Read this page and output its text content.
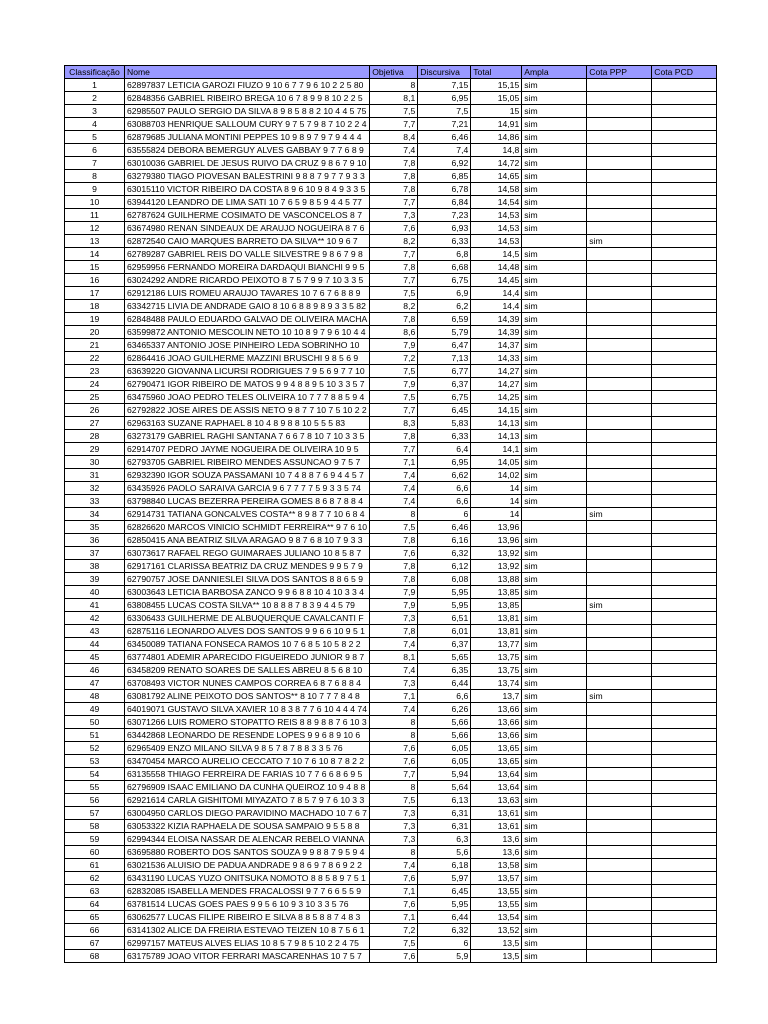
Classificação	Nome	Objetiva	Discursiva	Total	Ampla	Cota PPP	Cota PCD
1	62897837 LETICIA GAROZI FIUZO 9 10 6 7 7 9 6 10 2 2 5 80	8	7,15	15,15	sim		
2	62848356 GABRIEL RIBEIRO BREGA 10 6 7 8 9 9 8 10 2 2 5	8,1	6,95	15,05	sim		
3	62985507 PAULO SERGIO DA SILVA 8 9 8 5 8 8 2 10 4 4 5 75	7,5	7,5	15	sim		
4	63088703 HENRIQUE SALLOUM CURY 9 7 5 7 9 8 7 10 2 2 4	7,7	7,21	14,91	sim		
5	62879685 JULIANA MONTINI PEPPES 10 9 8 9 7 9 7 9 4 4 4	8,4	6,46	14,86	sim		
6	63555824 DEBORA BEMERGUY ALVES GABBAY 9 7 7 6 8 9	7,4	7,4	14,8	sim		
7	63010036 GABRIEL DE JESUS RUIVO DA CRUZ 9 8 6 7 9 10	7,8	6,92	14,72	sim		
8	63279380 TIAGO PIOVESAN BALESTRINI 9 8 8 7 9 7 7 9 3 3	7,8	6,85	14,65	sim		
9	63015110 VICTOR RIBEIRO DA COSTA 8 9 6 10 9 8 4 9 3 3 5	7,8	6,78	14,58	sim		
10	63944120 LEANDRO DE LIMA SATI 10 7 6 5 9 8 5 9 4 4 5 77	7,7	6,84	14,54	sim		
11	62787624 GUILHERME COSIMATO DE VASCONCELOS 8 7	7,3	7,23	14,53	sim		
12	63674980 RENAN SINDEAUX DE ARAUJO NOGUEIRA 8 7 6	7,6	6,93	14,53	sim		
13	62872540 CAIO MARQUES BARRETO DA SILVA** 10 9 6 7	8,2	6,33	14,53		sim	
14	62789287 GABRIEL REIS DO VALLE SILVESTRE 9 8 6 7 9 8	7,7	6,8	14,5	sim		
15	62959956 FERNANDO MOREIRA DARDAQUI BIANCHI 9 9 5	7,8	6,68	14,48	sim		
16	63024292 ANDRE RICARDO PEIXOTO 8 7 5 7 9 9 7 10 3 3 5	7,7	6,75	14,45	sim		
17	62912186 LUIS ROMEU ARAUJO TAVARES 10 7 6 7 6 8 8 9	7,5	6,9	14,4	sim		
18	63342715 LIVIA DE ANDRADE GAIO 8 10 6 8 8 9 8 9 3 3 5 82	8,2	6,2	14,4	sim		
19	62848488 PAULO EDUARDO GALVAO DE OLIVEIRA MACHA	7,8	6,59	14,39	sim		
20	63599872 ANTONIO MESCOLIN NETO 10 10 8 9 7 9 6 10 4 4	8,6	5,79	14,39	sim		
21	63465337 ANTONIO JOSE PINHEIRO LEDA SOBRINHO 10	7,9	6,47	14,37	sim		
22	62864416 JOAO GUILHERME MAZZINI BRUSCHI 9 8 5 6 9	7,2	7,13	14,33	sim		
23	63639220 GIOVANNA LICURSI RODRIGUES 7 9 5 6 9 7 7 10	7,5	6,77	14,27	sim		
24	62790471 IGOR RIBEIRO DE MATOS 9 9 4 8 8 9 5 10 3 3 5 7	7,9	6,37	14,27	sim		
25	63475960 JOAO PEDRO TELES OLIVEIRA 10 7 7 7 8 8 5 9 4	7,5	6,75	14,25	sim		
26	62792822 JOSE AIRES DE ASSIS NETO 9 8 7 7 10 7 5 10 2 2	7,7	6,45	14,15	sim		
27	62963163 SUZANE RAPHAEL 8 10 4 8 9 8 8 10 5 5 5 83	8,3	5,83	14,13	sim		
28	63273179 GABRIEL RAGHI SANTANA 7 6 6 7 8 10 7 10 3 3 5	7,8	6,33	14,13	sim		
29	62914707 PEDRO JAYME NOGUEIRA DE OLIVEIRA 10 9 5	7,7	6,4	14,1	sim		
30	62793705 GABRIEL RIBEIRO MENDES ASSUNCAO 9 7 5 7	7,1	6,95	14,05	sim		
31	62932390 IGOR SOUZA PASSAMANI 10 7 4 8 8 7 6 9 4 4 5 7	7,4	6,62	14,02	sim		
32	63435926 PAOLO SARAIVA GARCIA 9 6 7 7 7 7 5 9 3 3 5 74	7,4	6,6	14	sim		
33	63798840 LUCAS BEZERRA PEREIRA GOMES 8 6 8 7 8 8 4	7,4	6,6	14	sim		
34	62914731 TATIANA GONCALVES COSTA** 8 9 8 7 7 10 6 8 4	8	6	14		sim	
35	62826620 MARCOS VINICIO SCHMIDT FERREIRA** 9 7 6 10	7,5	6,46	13,96			
36	62850415 ANA BEATRIZ SILVA ARAGAO 9 8 7 6 8 10 7 9 3 3	7,8	6,16	13,96	sim		
37	63073617 RAFAEL REGO GUIMARAES JULIANO 10 8 5 8 7	7,6	6,32	13,92	sim		
38	62917161 CLARISSA BEATRIZ DA CRUZ MENDES 9 9 5 7 9	7,8	6,12	13,92	sim		
39	62790757 JOSE DANNIESLEI SILVA DOS SANTOS 8 8 6 5 9	7,8	6,08	13,88	sim		
40	63003643 LETICIA BARBOSA ZANCO 9 9 6 8 8 10 4 10 3 3 4	7,9	5,95	13,85	sim		
41	63808455 LUCAS COSTA SILVA** 10 8 8 8 7 8 3 9 4 4 5 79	7,9	5,95	13,85		sim	
42	63306433 GUILHERME DE ALBUQUERQUE CAVALCANTI F	7,3	6,51	13,81	sim		
43	62875116 LEONARDO ALVES DOS SANTOS 9 9 6 6 10 9 5 1	7,8	6,01	13,81	sim		
44	63450089 TATIANA FONSECA RAMOS 10 7 6 8 5 10 5 8 2 2	7,4	6,37	13,77	sim		
45	63774801 ADEMIR APARECIDO FIGUEIREDO JUNIOR 9 8 7	8,1	5,65	13,75	sim		
46	63458209 RENATO SOARES DE SALLES ABREU 8 5 6 8 10	7,4	6,35	13,75	sim		
47	63708493 VICTOR NUNES CAMPOS CORREA 6 8 7 6 8 8 4	7,3	6,44	13,74	sim		
48	63081792 ALINE PEIXOTO DOS SANTOS** 8 10 7 7 7 8 4 8	7,1	6,6	13,7	sim	sim	
49	64019071 GUSTAVO SILVA XAVIER 10 8 3 8 7 7 6 10 4 4 4 74	7,4	6,26	13,66	sim		
50	63071266 LUIS ROMERO STOPATTO REIS 8 8 9 8 8 7 6 10 3	8	5,66	13,66	sim		
51	63442868 LEONARDO DE RESENDE LOPES 9 9 6 8 9 10 6	8	5,66	13,66	sim		
52	62965409 ENZO MILANO SILVA 9 8 5 7 8 7 8 8 3 3 5 76	7,6	6,05	13,65	sim		
53	63470454 MARCO AURELIO CECCATO 7 10 7 6 10 8 7 8 2 2	7,6	6,05	13,65	sim		
54	63135558 THIAGO FERREIRA DE FARIAS 10 7 7 6 6 8 6 9 5	7,7	5,94	13,64	sim		
55	62796909 ISAAC EMILIANO DA CUNHA QUEIROZ 10 9 4 8 8	8	5,64	13,64	sim		
56	62921614 CARLA GISHITOMI MIYAZATO 7 8 5 7 9 7 6 10 3 3	7,5	6,13	13,63	sim		
57	63004950 CARLOS DIEGO PARAVIDINO MACHADO 10 7 6 7	7,3	6,31	13,61	sim		
58	63053322 KIZIA RAPHAELA DE SOUSA SAMPAIO 9 5 5 8 8	7,3	6,31	13,61	sim		
59	62994344 ELOISA NASSAR DE ALENCAR REBELO VIANNA	7,3	6,3	13,6	sim		
60	63695880 ROBERTO DOS SANTOS SOUZA 9 9 8 8 7 9 5 9 4	8	5,6	13,6	sim		
61	63021536 ALUISIO DE PADUA ANDRADE 9 8 6 9 7 8 6 9 2 2	7,4	6,18	13,58	sim		
62	63431190 LUCAS YUZO ONITSUKA NOMOTO 8 8 5 8 9 7 5 1	7,6	5,97	13,57	sim		
63	62832085 ISABELLA MENDES FRACALOSSI 9 7 7 6 6 5 5 9	7,1	6,45	13,55	sim		
64	63781514 LUCAS GOES PAES 9 9 5 6 10 9 3 10 3 3 5 76	7,6	5,95	13,55	sim		
65	63062577 LUCAS FILIPE RIBEIRO E SILVA 8 8 5 8 8 7 4 8 3	7,1	6,44	13,54	sim		
66	63141302 ALICE DA FREIRIA ESTEVAO TEIZEN 10 8 7 5 6 1	7,2	6,32	13,52	sim		
67	62997157 MATEUS ALVES ELIAS 10 8 5 7 9 8 5 10 2 2 4 75	7,5	6	13,5	sim		
68	63175789 JOAO VITOR FERRARI MASCARENHAS 10 7 5 7	7,6	5,9	13,5	sim		
